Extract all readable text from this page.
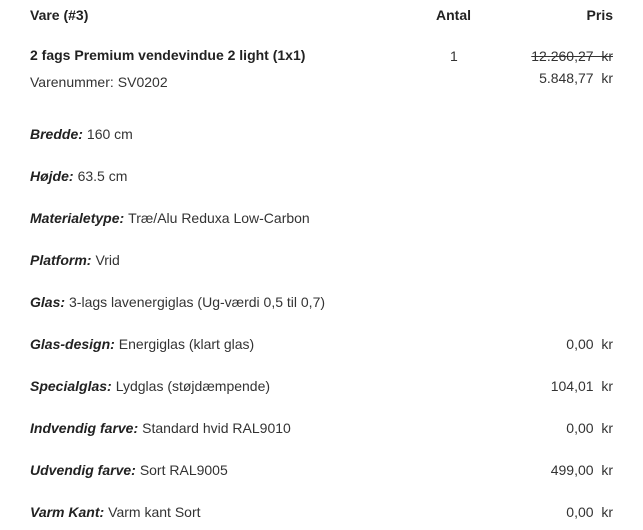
Vare (#3)	Antal	Pris
2 fags Premium vendevindue 2 light (1x1)
Varenummer: SV0202
1	12.260,27  kr
5.848,77  kr
Bredde: 160 cm
Højde: 63.5 cm
Materialetype: Træ/Alu Reduxa Low-Carbon
Platform: Vrid
Glas: 3-lags lavenergiglas (Ug-værdi 0,5 til 0,7)
Glas-design: Energiglas (klart glas)	0,00  kr
Specialglas: Lydglas (støjdæmpende)	104,01  kr
Indvendig farve: Standard hvid RAL9010	0,00  kr
Udvendig farve: Sort RAL9005	499,00  kr
Varm Kant: Varm kant Sort	0,00  kr
